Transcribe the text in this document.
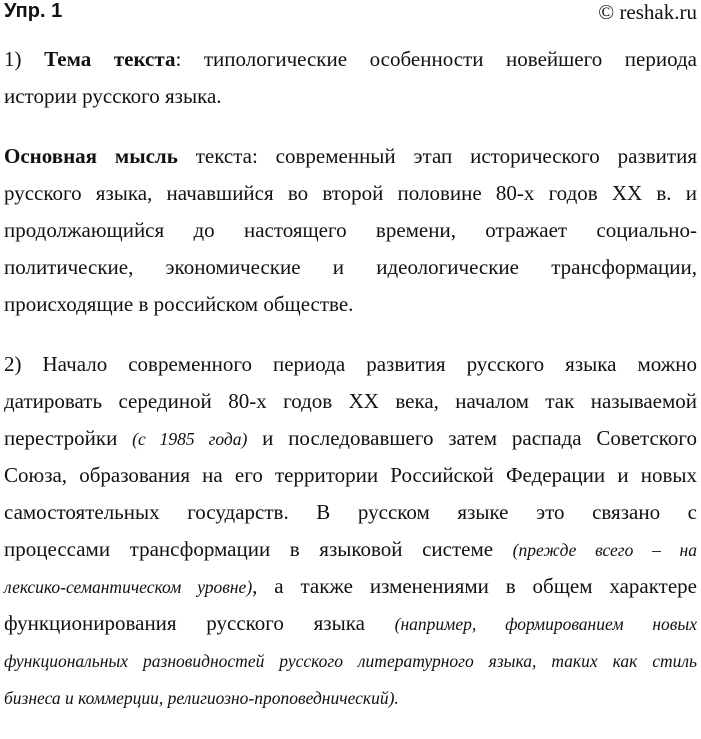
Упр. 1	© reshak.ru
1) Тема текста: типологические особенности новейшего периода
истории русского языка.
Основная мысль текста: современный этап исторического развития
русского языка, начавшийся во второй половине 80-х годов XX в. и
продолжающийся до настоящего времени, отражает социально-
политические, экономические и идеологические трансформации,
происходящие в российском обществе.
2) Начало современного периода развития русского языка можно
датировать серединой 80-х годов XX века, началом так называемой
перестройки (с 1985 года) и последовавшего затем распада Советского
Союза, образования на его территории Российской Федерации и новых
самостоятельных государств. В русском языке это связано с
процессами трансформации в языковой системе (прежде всего – на
лексико-семантическом уровне), а также изменениями в общем характере
функционирования русского языка (например, формированием новых
функциональных разновидностей русского литературного языка, таких как стиль
бизнеса и коммерции, религиозно-проповеднический).
